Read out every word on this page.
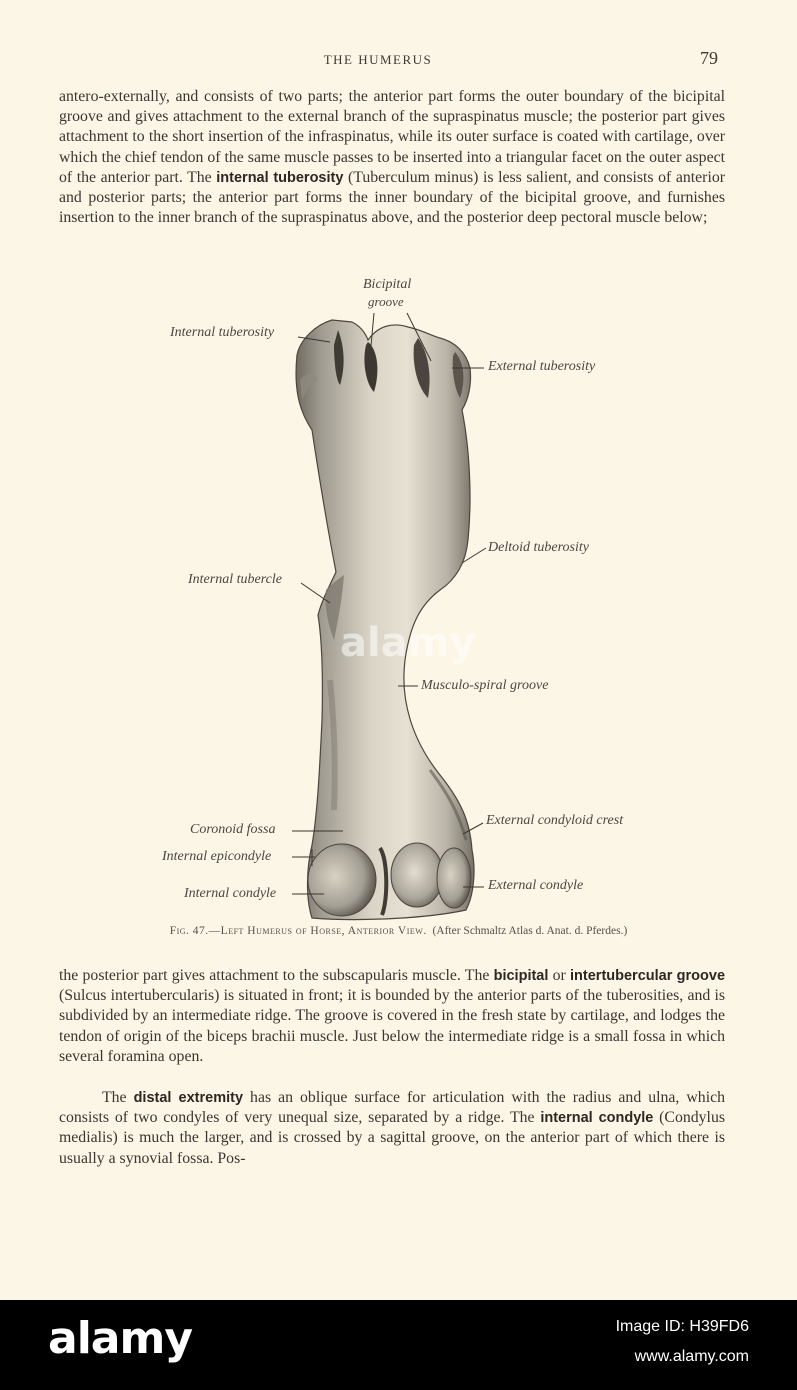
THE HUMERUS	79

antero-externally, and consists of two parts; the anterior part forms the outer boundary of the bicipital groove and gives attachment to the external branch of the supraspinatus muscle; the posterior part gives attachment to the short insertion of the infraspinatus, while its outer surface is coated with cartilage, over which the chief tendon of the same muscle passes to be inserted into a triangular facet on the outer aspect of the anterior part. The internal tuberosity (Tuberculum minus) is less salient, and consists of anterior and posterior parts; the anterior part forms the inner boundary of the bicipital groove, and furnishes insertion to the inner branch of the supraspinatus above, and the posterior deep pectoral muscle below;

Bicipital
groove
Internal tuberosity
External tuberosity
Deltoid tuberosity
Internal tubercle
Musculo-spiral groove
Coronoid fossa
External condyloid crest
Internal epicondyle
External condyle
Internal condyle
Fig. 47.—Left Humerus of Horse, Anterior View. (After Schmaltz Atlas d. Anat. d. Pferdes.)

the posterior part gives attachment to the subscapularis muscle. The bicipital or intertubercular groove (Sulcus intertubercularis) is situated in front; it is bounded by the anterior parts of the tuberosities, and is subdivided by an intermediate ridge. The groove is covered in the fresh state by cartilage, and lodges the tendon of origin of the biceps brachii muscle. Just below the intermediate ridge is a small fossa in which several foramina open.

The distal extremity has an oblique surface for articulation with the radius and ulna, which consists of two condyles of very unequal size, separated by a ridge. The internal condyle (Condylus medialis) is much the larger, and is crossed by a sagittal groove, on the anterior part of which there is usually a synovial fossa. Pos-

alamy
alamy	Image ID: H39FD6
www.alamy.com
